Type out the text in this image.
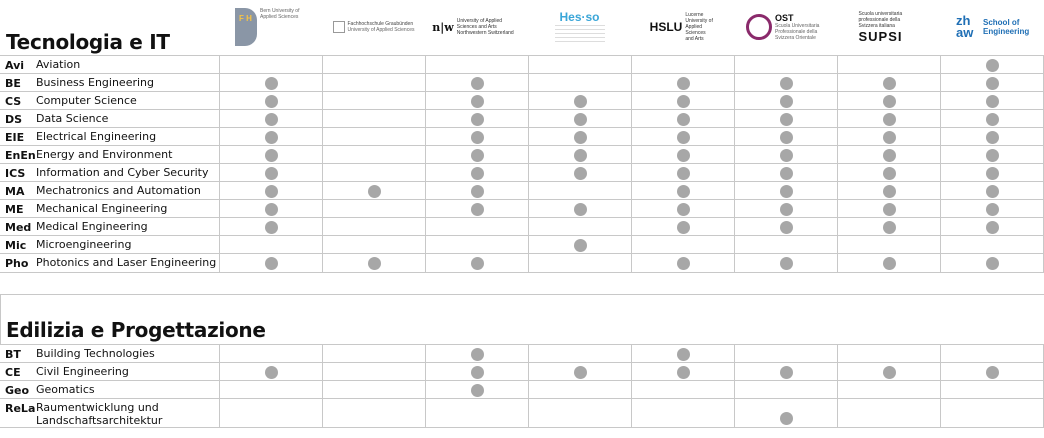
F H
Bern University of Applied Sciences
Fachhochschule Graubünden
University of Applied Sciences n|w University of Applied Sciences and Arts Northwestern Switzerland
Hes·so
HSLU
Lucerne University of Applied Sciences and Arts
OST
Scuola Universitaria Professionale della Svizzera Orientale
Scuola universitaria professionale della Svizzera italiana
SUPSI
zh aw
School of Engineering
Tecnologia e IT
Avi Aviation
BE Business Engineering
CS Computer Science
DS Data Science
EIE Electrical Engineering
EnEn Energy and Environment
ICS Information and Cyber Security
MA Mechatronics and Automation
ME Mechanical Engineering
Med Medical Engineering
Mic Microengineering
Pho Photonics and Laser Engineering
Edilizia e Progettazione
BT Building Technologies
CE Civil Engineering
Geo Geomatics
ReLa Raumentwicklung und Landschaftsarchitektur
